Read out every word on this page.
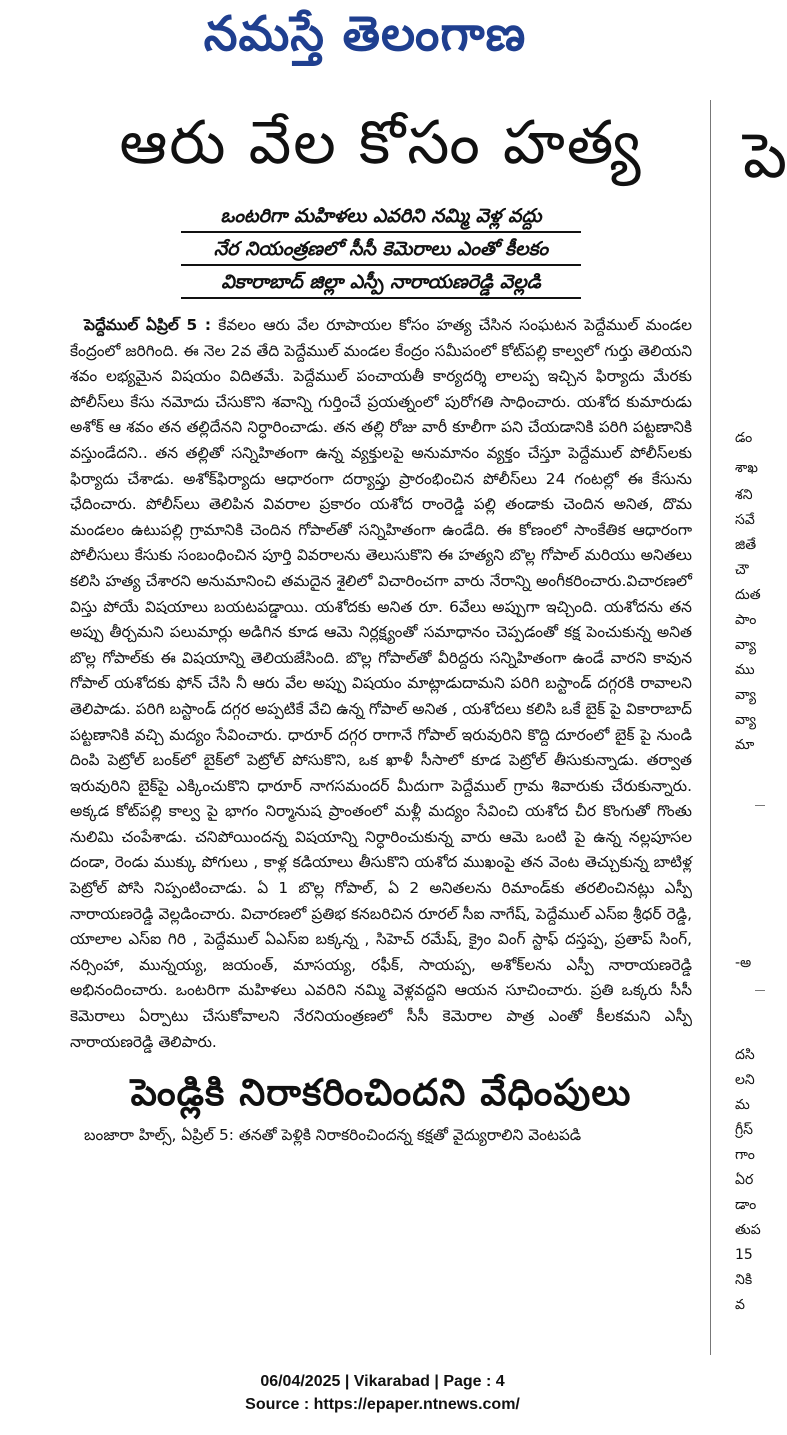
నమస్తే తెలంగాణ
ఆరు వేల కోసం హత్య
ఒంటరిగా మహిళలు ఎవరిని నమ్మి వెళ్ల వద్దు
నేర నియంత్రణలో సీసీ కెమెరాలు ఎంతో కీలకం
వికారాబాద్ జిల్లా ఎస్పీ నారాయణరెడ్డి వెల్లడి
పెద్దేముల్ ఏప్రిల్ 5 : కేవలం ఆరు వేల రూపాయల కోసం హత్య చేసిన సంఘటన పెద్దేముల్ మండల కేంద్రంలో జరిగింది. ఈ నెల 2వ తేది పెద్దేముల్ మండల కేంద్రం సమీపంలో కోట్‌పల్లి కాల్వలో గుర్తు తెలియని శవం లభ్యమైన విషయం విదితమే. పెద్దేముల్ పంచాయతీ కార్యదర్శి లాలప్ప ఇచ్చిన ఫిర్యాదు మేరకు పోలీస్‌లు కేసు నమోదు చేసుకొని శవాన్ని గుర్తించే ప్రయత్నంలో పురోగతి సాధించారు. యశోద కుమారుడు అశోక్ ఆ శవం తన తల్లిదేనని నిర్ధారించాడు. తన తల్లి రోజు వారీ కూలీగా పని చేయడానికి పరిగి పట్టణానికి వస్తుండేదని.. తన తల్లితో సన్నిహితంగా ఉన్న వ్యక్తులపై అనుమానం వ్యక్తం చేస్తూ పెద్దేముల్ పోలీస్‌లకు ఫిర్యాదు చేశాడు. అశోక్‌ఫిర్యాదు ఆధారంగా దర్యాప్తు ప్రారంభించిన పోలీస్‌లు 24 గంటల్లో ఈ కేసును ఛేదించారు. పోలీస్‌లు తెలిపిన వివరాల ప్రకారం యశోద రాంరెడ్డి పల్లి తండాకు చెందిన అనిత, దొమ మండలం ఉటుపల్లి గ్రామానికి చెందిన గోపాల్‌తో సన్నిహితంగా ఉండేది. ఈ కోణంలో సాంకేతిక ఆధారంగా పోలీసులు కేసుకు సంబంధించిన పూర్తి వివరాలను తెలుసుకొని ఈ హత్యని బొల్ల గోపాల్ మరియు అనితలు కలిసి హత్య చేశారని అనుమానించి తమదైన శైలిలో విచారించగా వారు నేరాన్ని అంగీకరించారు.విచారణలో విస్తు పోయే విషయాలు బయటపడ్డాయి. యశోదకు అనిత రూ. 6వేలు అప్పుగా ఇచ్చింది. యశోదను తన అప్పు తీర్చమని పలుమార్లు అడిగిన కూడ ఆమె నిర్లక్ష్యంతో సమాధానం చెప్పడంతో కక్ష పెంచుకున్న అనిత బొల్ల గోపాల్‌కు ఈ విషయాన్ని తెలియజేసింది. బొల్ల గోపాల్‌తో వీరిద్దరు సన్నిహితంగా ఉండే వారని కావున గోపాల్ యశోదకు ఫోన్ చేసి నీ ఆరు వేల అప్పు విషయం మాట్లాడుదామని పరిగి బస్టాండ్ దగ్గరకి రావాలని తెలిపాడు. పరిగి బస్టాండ్ దగ్గర అప్పటికే వేచి ఉన్న గోపాల్ అనిత , యశోదలు కలిసి ఒకే బైక్ పై వికారాబాద్ పట్టణానికి వచ్చి మద్యం సేవించారు. ధారూర్ దగ్గర రాగానే గోపాల్ ఇరువురిని కొద్ది దూరంలో బైక్ పై నుండి దింపి పెట్రోల్ బంక్‌లో బైక్‌లో పెట్రోల్ పోసుకొని, ఒక ఖాళీ సీసాలో కూడ పెట్రోల్ తీసుకున్నాడు. తర్వాత ఇరువురిని బైక్‌పై ఎక్కించుకొని ధారూర్ నాగసమందర్ మీదుగా పెద్దేముల్ గ్రామ శివారుకు చేరుకున్నారు. అక్కడ కోట్‌పల్లి కాల్వ పై భాగం నిర్మానుష ప్రాంతంలో మళ్లీ మద్యం సేవించి యశోద చీర కొంగుతో గొంతు నులిమి చంపేశాడు. చనిపోయిందన్న విషయాన్ని నిర్ధారించుకున్న వారు ఆమె ఒంటి పై ఉన్న నల్లపూసల దండా, రెండు ముక్కు పోగులు , కాళ్ల కడియాలు తీసుకొని యశోద ముఖంపై తన వెంట తెచ్చుకున్న బాటిళ్ల పెట్రోల్ పోసి నిప్పంటించాడు. ఏ 1 బొల్ల గోపాల్, ఏ 2 అనితలను రిమాండ్‌కు తరలించినట్లు ఎస్పీ నారాయణరెడ్డి వెల్లడించారు. విచారణలో ప్రతిభ కనబరిచిన రూరల్ సీఐ నాగేష్, పెద్దేముల్ ఎస్ఐ శ్రీధర్ రెడ్డి, యాలాల ఎస్ఐ గిరి , పెద్దేముల్ ఏఎస్ఐ బక్కన్న , సిహెచ్ రమేష్, క్రైం వింగ్ స్టాఫ్ దస్తప్ప, ప్రతాప్ సింగ్, నర్సింహా, మున్నయ్య, జయంత్, మాసయ్య, రఫీక్, సాయప్ప, అశోక్‌లను ఎస్పీ నారాయణరెడ్డి అభినందించారు. ఒంటరిగా మహిళలు ఎవరిని నమ్మి వెళ్లవద్దని ఆయన సూచించారు. ప్రతి ఒక్కరు సీసీ కెమెరాలు ఏర్పాటు చేసుకోవాలని నేరనియంత్రణలో సీసీ కెమెరాల పాత్ర ఎంతో కీలకమని ఎస్పీ నారాయణరెడ్డి తెలిపారు.
పెండ్లికి నిరాకరించిందని వేధింపులు
బంజారా హిల్స్, ఏప్రిల్ 5: తనతో పెళ్లికి నిరాకరించిందన్న కక్షతో వైద్యురాలిని వెంటపడి
పె
డం
శాఖ
శని
సవే
జితే
చౌ
దుత
పాం
వ్యా
ము
వ్యా
వ్యా
మా
-అ
దసి
లని
మ
గ్రీస్
గాం
ఏర
డాం
తుప
15
నికి
వ
06/04/2025 | Vikarabad | Page : 4
Source : https://epaper.ntnews.com/
